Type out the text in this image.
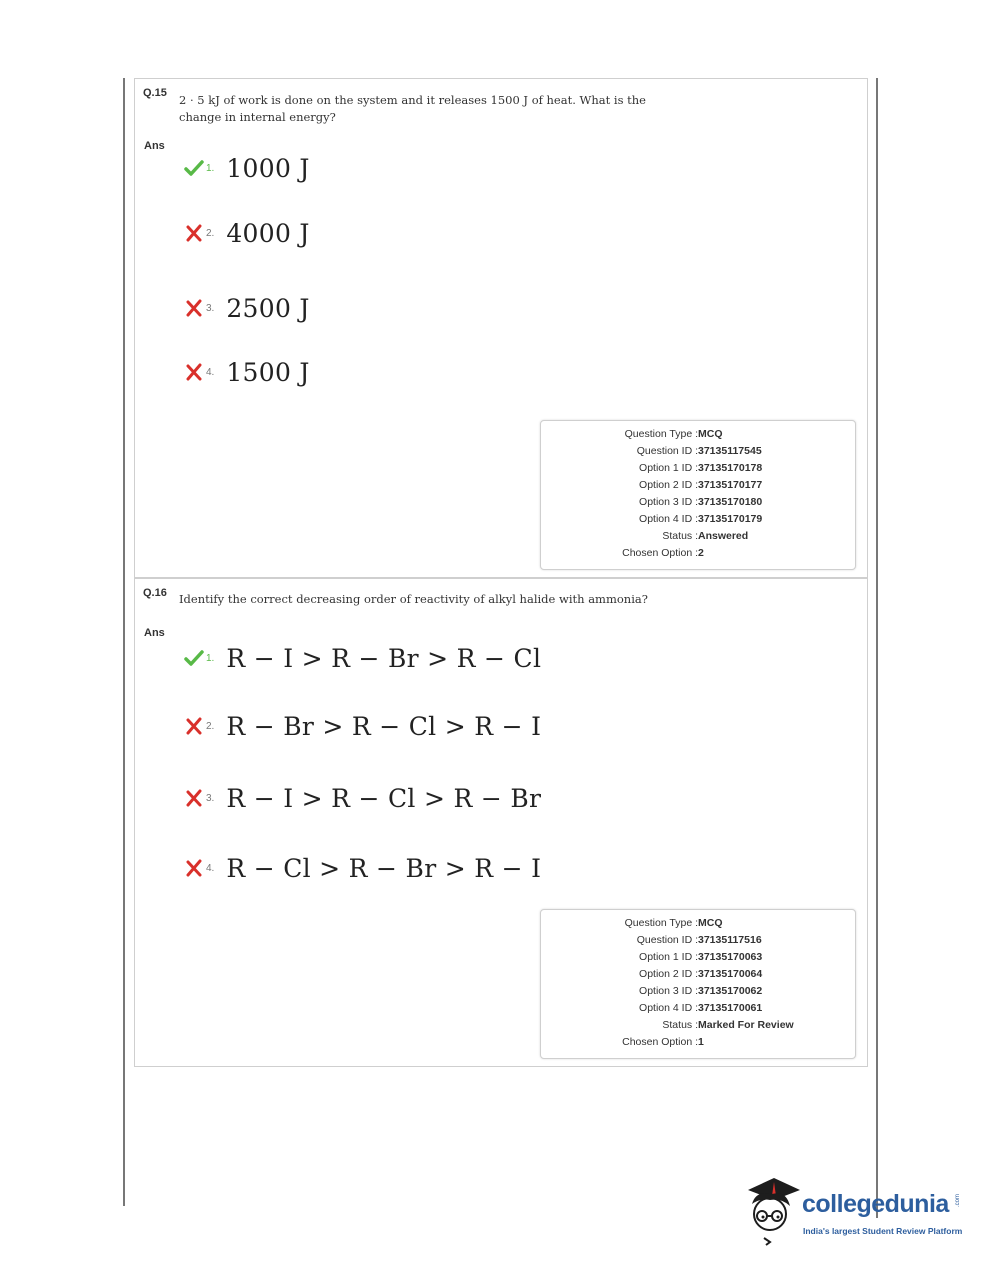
Q.15 2 · 5 kJ of work is done on the system and it releases 1500 J of heat. What is the
change in internal energy?
Ans
1. 1000 J
2. 4000 J
3. 2500 J
4. 1500 J
Question Type :	MCQ
Question ID :	37135117545
Option 1 ID :	37135170178
Option 2 ID :	37135170177
Option 3 ID :	37135170180
Option 4 ID :	37135170179
Status :	Answered
Chosen Option :	2
Q.16 Identify the correct decreasing order of reactivity of alkyl halide with ammonia?
Ans
1. R − I > R − Br > R − Cl
2. R − Br > R − Cl > R − I
3. R − I > R − Cl > R − Br
4. R − Cl > R − Br > R − I
Question Type :	MCQ
Question ID :	37135117516
Option 1 ID :	37135170063
Option 2 ID :	37135170064
Option 3 ID :	37135170062
Option 4 ID :	37135170061
Status :	Marked For Review
Chosen Option :	1
collegedunia .com
India's largest Student Review Platform
